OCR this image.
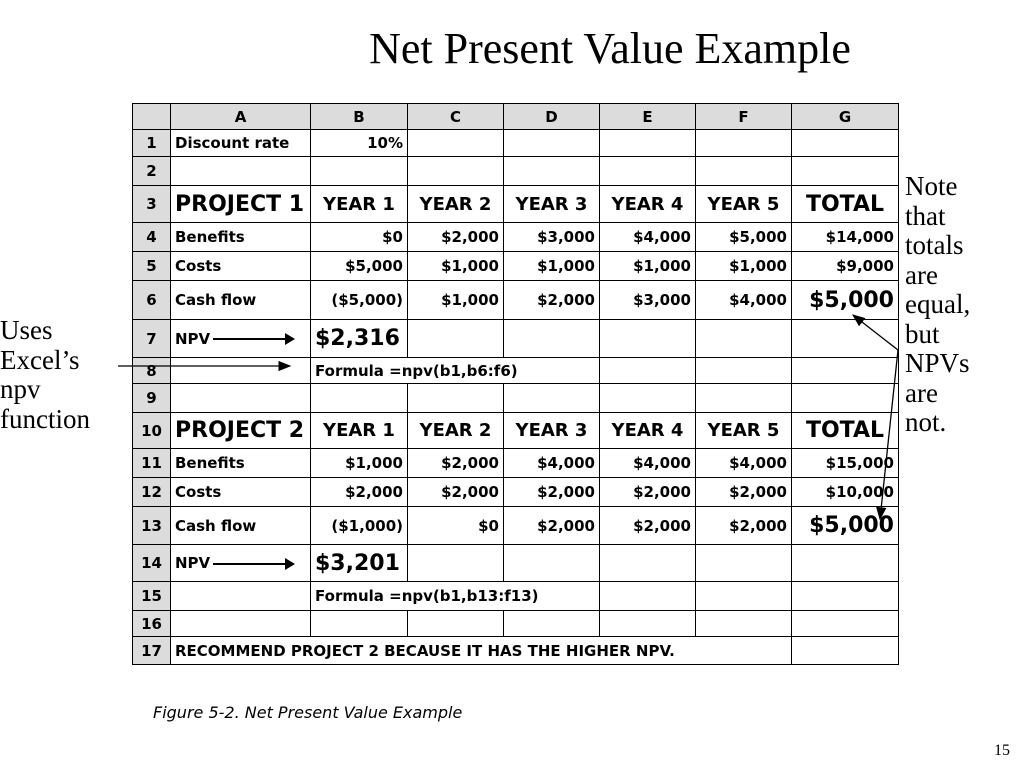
Net Present Value Example
	A	B	C	D	E	F	G
1	Discount rate	10%					
2							
3	PROJECT 1	YEAR 1	YEAR 2	YEAR 3	YEAR 4	YEAR 5	TOTAL
4	Benefits	$0	$2,000	$3,000	$4,000	$5,000	$14,000
5	Costs	$5,000	$1,000	$1,000	$1,000	$1,000	$9,000
6	Cash flow	($5,000)	$1,000	$2,000	$3,000	$4,000	$5,000
7	NPV	$2,316					
8		Formula =npv(b1,b6:f6)					
9							
10	PROJECT 2	YEAR 1	YEAR 2	YEAR 3	YEAR 4	YEAR 5	TOTAL
11	Benefits	$1,000	$2,000	$4,000	$4,000	$4,000	$15,000
12	Costs	$2,000	$2,000	$2,000	$2,000	$2,000	$10,000
13	Cash flow	($1,000)	$0	$2,000	$2,000	$2,000	$5,000
14	NPV	$3,201					
15		Formula =npv(b1,b13:f13)					
16							
17	RECOMMEND PROJECT 2 BECAUSE IT HAS THE HIGHER NPV.						
Uses
Excel’s
npv
function
Note
that
totals
are
equal,
but
NPVs
are
not.
Figure 5-2. Net Present Value Example
15
